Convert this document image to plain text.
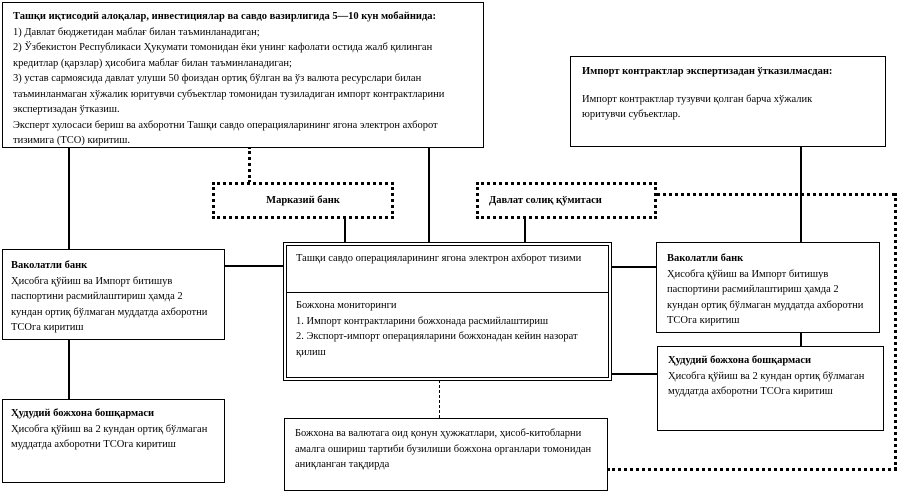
Ташқи иқтисодий алоқалар, инвестициялар ва савдо вазирлигида 5—10 кун мобайнида:
1) Давлат бюджетидан маблағ билан таъминланадиган;
2) Ўзбекистон Республикаси Ҳукумати томонидан ёки унинг кафолати остида жалб қилинган кредитлар (қарзлар) ҳисобига маблағ билан таъминланадиган;
3) устав сармоясида давлат улуши 50 фоиздан ортиқ бўлган ва ўз валюта ресурслари билан таъминланмаган хўжалик юритувчи субъектлар томонидан тузиладиган импорт контрактларини экспертизадан ўтказиш.
Эксперт хулосаси бериш ва ахборотни Ташқи савдо операцияларининг ягона электрон ахборот тизимига (ТСО) киритиш.
Импорт контрактлар экспертизадан ўтказилмасдан:
Импорт контрактлар тузувчи қолган барча хўжалик юритувчи субъектлар.
Марказий банк	Давлат солиқ қўмитаси
Ваколатли банк
Ҳисобга қўйиш ва Импорт битишув паспортини расмийлаштириш ҳамда 2 кундан ортиқ бўлмаган муддатда ахборотни ТСОга киритиш
Ташқи савдо операцияларининг ягона электрон ахборот тизими
Божхона мониторинги
1. Импорт контрактларини божхонада расмийлаштириш
2. Экспорт-импорт операцияларини божхонадан кейин назорат қилиш
Ваколатли банк
Ҳисобга қўйиш ва Импорт битишув паспортини расмийлаштириш ҳамда 2 кундан ортиқ бўлмаган муддатда ахборотни ТСОга киритиш
Ҳудудий божхона бошқармаси
Ҳисобга қўйиш ва 2 кундан ортиқ бўлмаган муддатда ахборотни ТСОга киритиш
Ҳудудий божхона бошқармаси
Ҳисобга қўйиш ва 2 кундан ортиқ бўлмаган муддатда ахборотни ТСОга киритиш
Божхона ва валютага оид қонун ҳужжатлари, ҳисоб-китобларни амалга ошириш тартиби бузилиши божхона органлари томонидан аниқланган тақдирда
